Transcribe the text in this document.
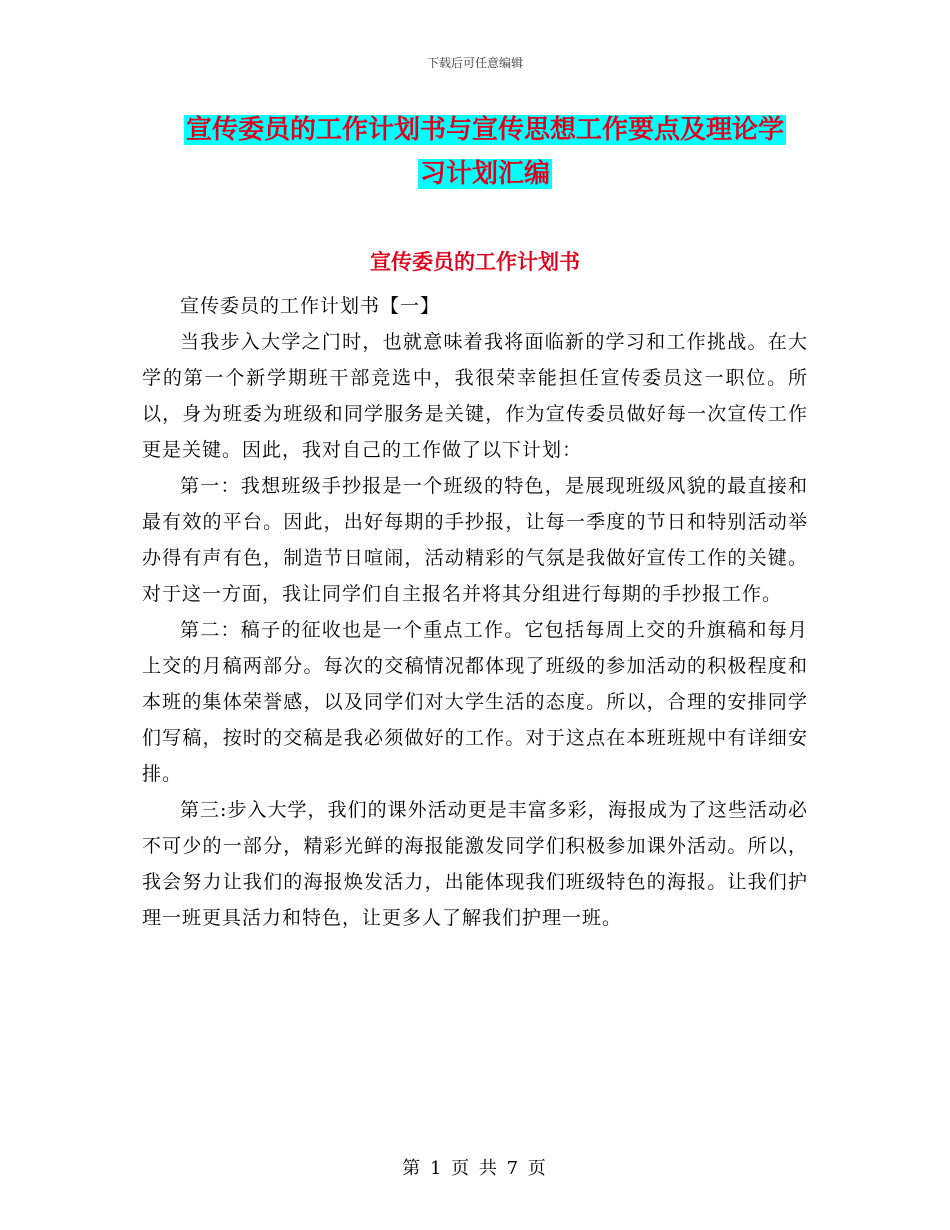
下载后可任意编辑
宣传委员的工作计划书与宣传思想工作要点及理论学
习计划汇编
宣传委员的工作计划书

宣传委员的工作计划书【一】

当我步入大学之门时，也就意味着我将面临新的学习和工作挑战。在大学的第一个新学期班干部竞选中，我很荣幸能担任宣传委员这一职位。所以，身为班委为班级和同学服务是关键，作为宣传委员做好每一次宣传工作更是关键。因此，我对自己的工作做了以下计划：

第一：我想班级手抄报是一个班级的特色，是展现班级风貌的最直接和最有效的平台。因此，出好每期的手抄报，让每一季度的节日和特别活动举办得有声有色，制造节日喧闹，活动精彩的气氛是我做好宣传工作的关键。对于这一方面，我让同学们自主报名并将其分组进行每期的手抄报工作。

第二：稿子的征收也是一个重点工作。它包括每周上交的升旗稿和每月上交的月稿两部分。每次的交稿情况都体现了班级的参加活动的积极程度和本班的集体荣誉感，以及同学们对大学生活的态度。所以，合理的安排同学们写稿，按时的交稿是我必须做好的工作。对于这点在本班班规中有详细安排。

第三:步入大学，我们的课外活动更是丰富多彩，海报成为了这些活动必不可少的一部分，精彩光鲜的海报能激发同学们积极参加课外活动。所以，我会努力让我们的海报焕发活力，出能体现我们班级特色的海报。让我们护理一班更具活力和特色，让更多人了解我们护理一班。

第 1 页 共 7 页
